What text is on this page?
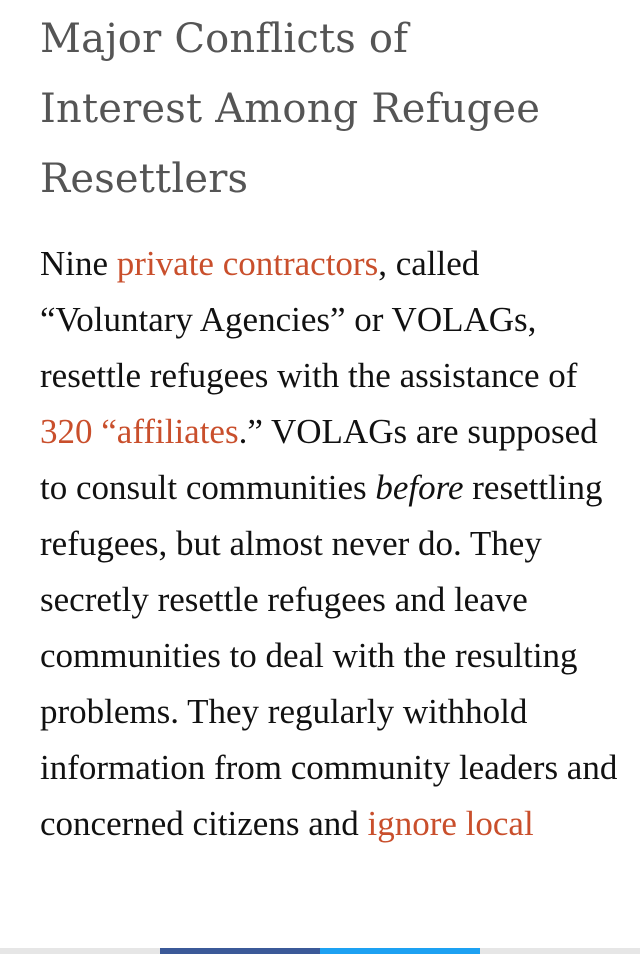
Major Conflicts of
Interest Among Refugee
Resettlers

Nine private contractors, called “Voluntary Agencies” or VOLAGs, resettle refugees with the assistance of 320 “affiliates.” VOLAGs are supposed to consult communities before resettling refugees, but almost never do. They secretly resettle refugees and leave communities to deal with the resulting problems. They regularly withhold information from community leaders and concerned citizens and ignore local
